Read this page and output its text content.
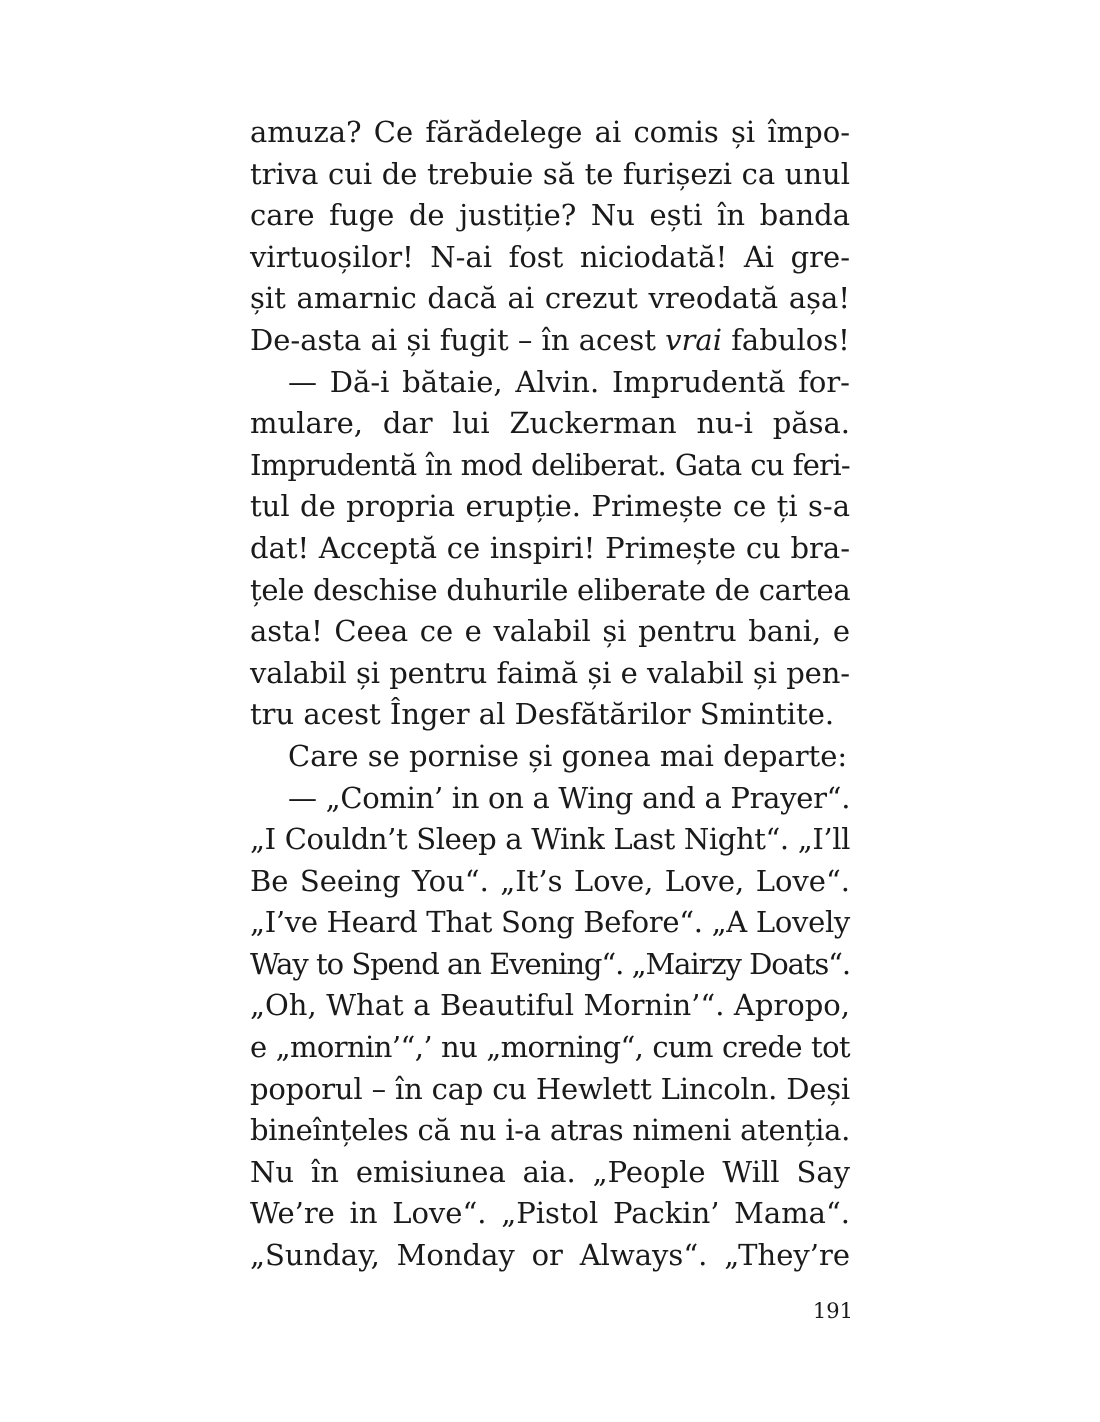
amuza? Ce fărădelege ai comis și împo-
triva cui de trebuie să te furișezi ca unul
care fuge de justiție? Nu ești în banda
virtuoșilor! N-ai fost niciodată! Ai gre-
șit amarnic dacă ai crezut vreodată așa!
De-asta ai și fugit – în acest vrai fabulos!
— Dă-i bătaie, Alvin. Imprudentă for-
mulare, dar lui Zuckerman nu-i păsa.
Imprudentă în mod deliberat. Gata cu feri-
tul de propria erupție. Primește ce ți s-a
dat! Acceptă ce inspiri! Primește cu bra-
țele deschise duhurile eliberate de cartea
asta! Ceea ce e valabil și pentru bani, e
valabil și pentru faimă și e valabil și pen-
tru acest Înger al Desfătărilor Smintite.
Care se pornise și gonea mai departe:
— „Comin’ in on a Wing and a Prayer“.
„I Couldn’t Sleep a Wink Last Night“. „I’ll
Be Seeing You“. „It’s Love, Love, Love“.
„I’ve Heard That Song Before“. „A Lovely
Way to Spend an Evening“. „Mairzy Doats“.
„Oh, What a Beautiful Mornin’“. Apropo,
e „mornin’“,’ nu „morning“, cum crede tot
poporul – în cap cu Hewlett Lincoln. Deși
bineînțeles că nu i-a atras nimeni atenția.
Nu în emisiunea aia. „People Will Say
We’re in Love“. „Pistol Packin’ Mama“.
„Sunday, Monday or Always“. „They’re
191
